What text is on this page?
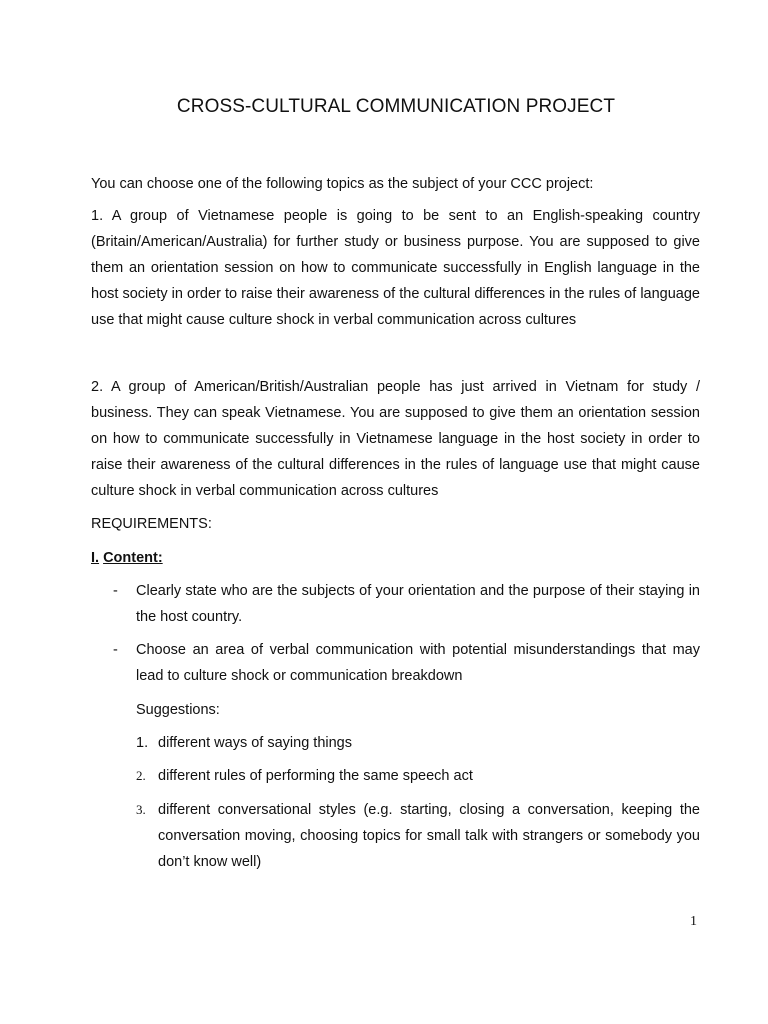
CROSS-CULTURAL COMMUNICATION PROJECT
You can choose one of the following topics as the subject of your CCC project:
1. A group of Vietnamese people is going to be sent to an English-speaking country (Britain/American/Australia) for further study or business purpose. You are supposed to give them an orientation session on how to communicate successfully in English language in the host society in order to raise their awareness of the cultural differences in the rules of language use that might cause culture shock in verbal communication across cultures
2. A group of American/British/Australian people has just arrived in Vietnam for study / business. They can speak Vietnamese. You are supposed to give them an orientation session on how to communicate successfully in Vietnamese language in the host society in order to raise their awareness of the cultural differences in the rules of language use that might cause culture shock in verbal communication across cultures
REQUIREMENTS:
I. Content:
- Clearly state who are the subjects of your orientation and the purpose of their staying in the host country.
- Choose an area of verbal communication with potential misunderstandings that may lead to culture shock or communication breakdown
Suggestions:
1. different ways of saying things
2. different rules of performing the same speech act
3. different conversational styles (e.g. starting, closing a conversation, keeping the conversation moving, choosing topics for small talk with strangers or somebody you don’t know well)
1
